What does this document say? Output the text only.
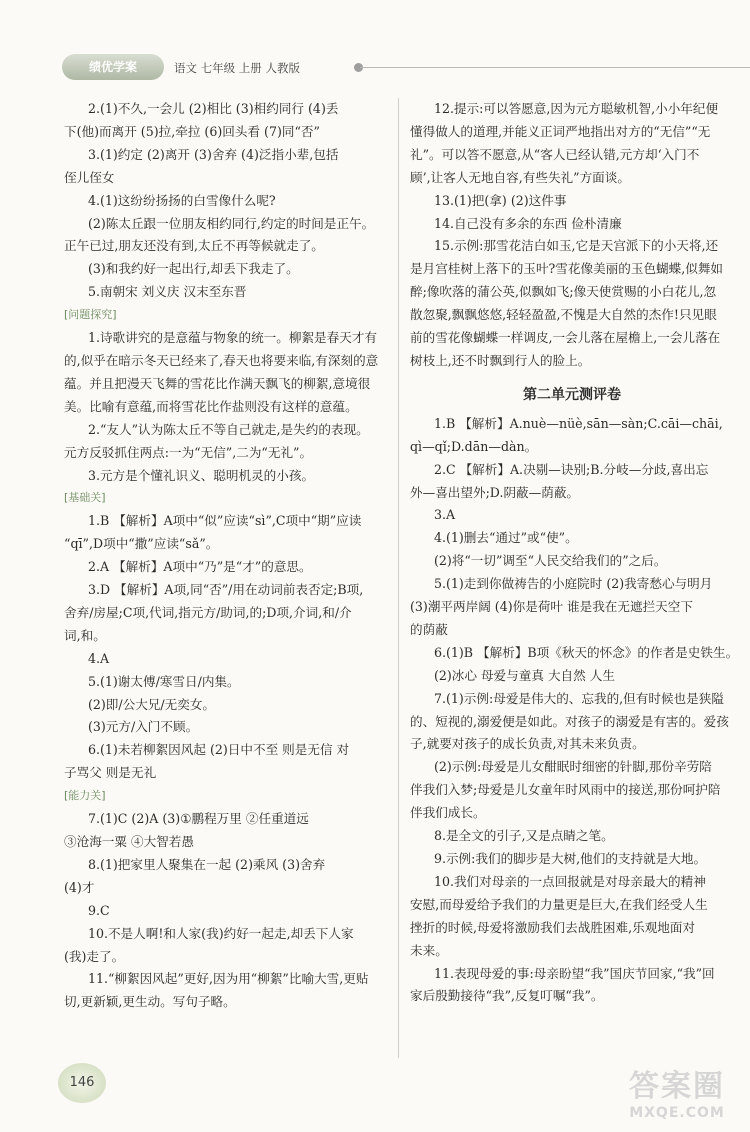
绩优学案	语文 七年级 上册 人教版
2.(1)不久,一会儿 (2)相比 (3)相约同行 (4)丢
下(他)而离开 (5)拉,牵拉 (6)回头看 (7)同“否”
3.(1)约定 (2)离开 (3)舍弃 (4)泛指小辈,包括
侄儿侄女
4.(1)这纷纷扬扬的白雪像什么呢?
(2)陈太丘跟一位朋友相约同行,约定的时间是正午。
正午已过,朋友还没有到,太丘不再等候就走了。
(3)和我约好一起出行,却丢下我走了。
5.南朝宋 刘义庆 汉末至东晋
[问题探究]
1.诗歌讲究的是意蕴与物象的统一。柳絮是春天才有
的,似乎在暗示冬天已经来了,春天也将要来临,有深刻的意
蕴。并且把漫天飞舞的雪花比作满天飘飞的柳絮,意境很
美。比喻有意蕴,而将雪花比作盐则没有这样的意蕴。
2.“友人”认为陈太丘不等自己就走,是失约的表现。
元方反驳抓住两点:一为“无信”,二为“无礼”。
3.元方是个懂礼识义、聪明机灵的小孩。
[基础关]
1.B 【解析】A项中“似”应读“sì”,C项中“期”应读
“qī”,D项中“撒”应读“sǎ”。
2.A 【解析】A项中“乃”是“才”的意思。
3.D 【解析】A项,同“否”/用在动词前表否定;B项,
舍弃/房屋;C项,代词,指元方/助词,的;D项,介词,和/介
词,和。
4.A
5.(1)谢太傅/寒雪日/内集。
(2)即/公大兄/无奕女。
(3)元方/入门不顾。
6.(1)未若柳絮因风起 (2)日中不至 则是无信 对
子骂父 则是无礼
[能力关]
7.(1)C (2)A (3)①鹏程万里 ②任重道远
③沧海一粟 ④大智若愚
8.(1)把家里人聚集在一起 (2)乘风 (3)舍弃
(4)才
9.C
10.不是人啊!和人家(我)约好一起走,却丢下人家
(我)走了。
11.“柳絮因风起”更好,因为用“柳絮”比喻大雪,更贴
切,更新颖,更生动。写句子略。
12.提示:可以答愿意,因为元方聪敏机智,小小年纪便
懂得做人的道理,并能义正词严地指出对方的“无信”“无
礼”。可以答不愿意,从“客人已经认错,元方却‘入门不
顾’,让客人无地自容,有些失礼”方面谈。
13.(1)把(拿) (2)这件事
14.自己没有多余的东西 俭朴清廉
15.示例:那雪花洁白如玉,它是天宫派下的小天将,还
是月宫桂树上落下的玉叶?雪花像美丽的玉色蝴蝶,似舞如
醉;像吹落的蒲公英,似飘如飞;像天使赏赐的小白花儿,忽
散忽聚,飘飘悠悠,轻轻盈盈,不愧是大自然的杰作!只见眼
前的雪花像蝴蝶一样调皮,一会儿落在屋檐上,一会儿落在
树枝上,还不时飘到行人的脸上。
第二单元测评卷
1.B 【解析】A.nuè—nüè,sān—sàn;C.cāi—chāi,
qì—qǐ;D.dān—dàn。
2.C 【解析】A.决剔—诀别;B.分岐—分歧,喜出忘
外—喜出望外;D.阴蔽—荫蔽。
3.A
4.(1)删去“通过”或“使”。
(2)将“一切”调至“人民交给我们的”之后。
5.(1)走到你做祷告的小庭院时 (2)我寄愁心与明月
(3)潮平两岸阔 (4)你是荷叶 谁是我在无遮拦天空下
的荫蔽
6.(1)B 【解析】B项《秋天的怀念》的作者是史铁生。
(2)冰心 母爱与童真 大自然 人生
7.(1)示例:母爱是伟大的、忘我的,但有时候也是狭隘
的、短视的,溺爱便是如此。对孩子的溺爱是有害的。爱孩
子,就要对孩子的成长负责,对其未来负责。
(2)示例:母爱是儿女酣眠时细密的针脚,那份辛劳陪
伴我们入梦;母爱是儿女童年时风雨中的接送,那份呵护陪
伴我们成长。
8.是全文的引子,又是点睛之笔。
9.示例:我们的脚步是大树,他们的支持就是大地。
10.我们对母亲的一点回报就是对母亲最大的精神
安慰,而母爱给予我们的力量更是巨大,在我们经受人生
挫折的时候,母爱将激励我们去战胜困难,乐观地面对
未来。
11.表现母爱的事:母亲盼望“我”国庆节回家,“我”回
家后殷勤接待“我”,反复叮嘱“我”。
146	答案圈
MXQE.COM
